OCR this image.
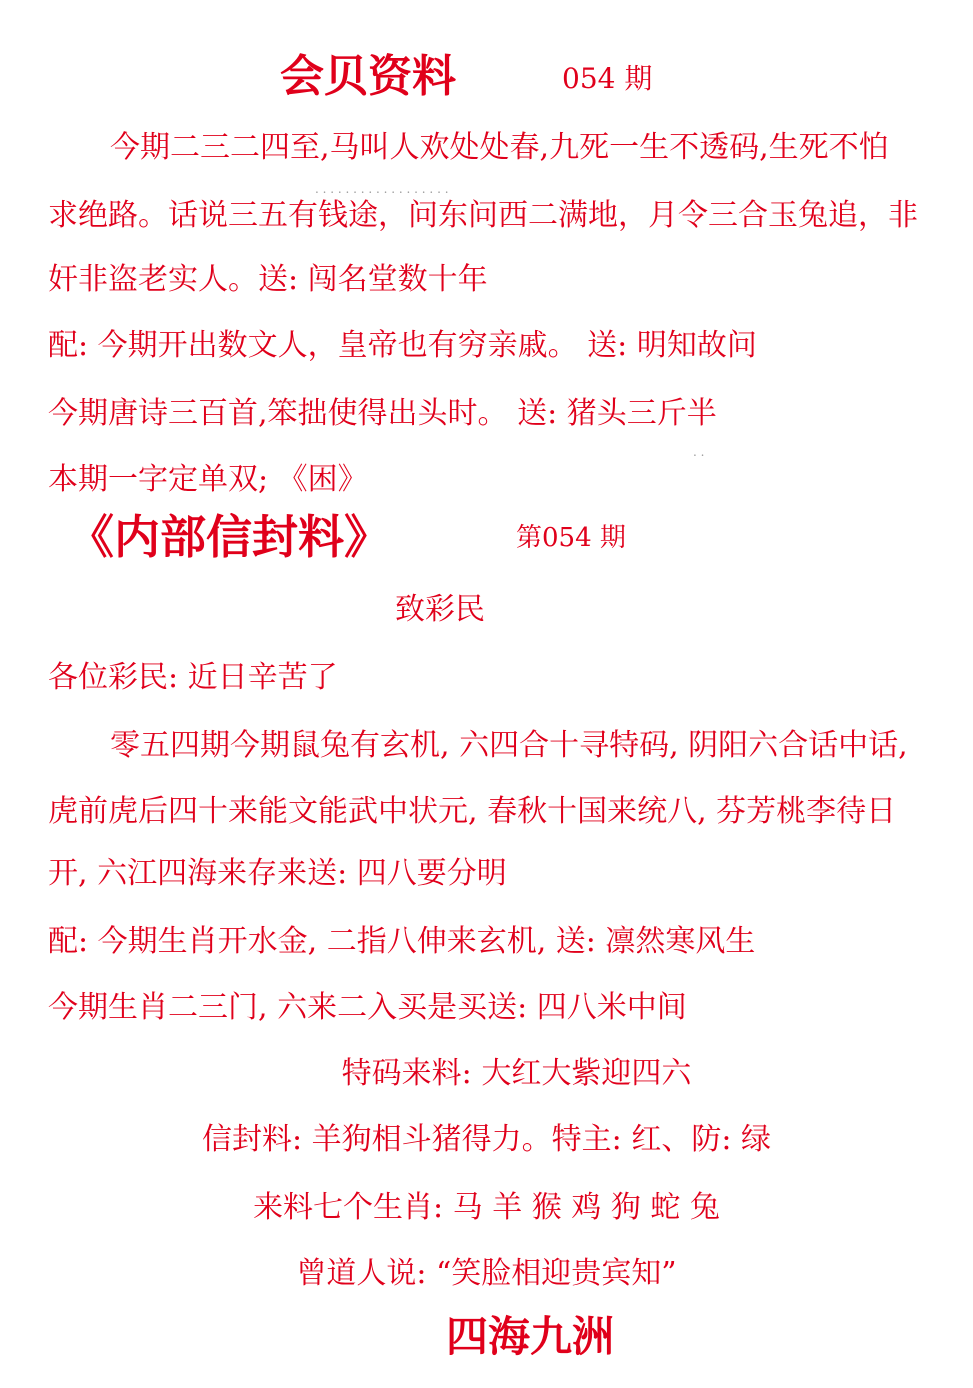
会贝资料	054 期
今期二三二四至,马叫人欢处处春,九死一生不透码,生死不怕
求绝路。话说三五有钱途，问东问西二满地，月令三合玉兔追，非
奸非盗老实人。送: 闯名堂数十年
配: 今期开出数文人，皇帝也有穷亲戚。 送: 明知故问
今期唐诗三百首,笨拙使得出头时。 送: 猪头三斤半
本期一字定单双; 《困》
. . . . . . . . . . . . . . . . . .
. .
《内部信封料》	第054 期
致彩民
各位彩民: 近日辛苦了
零五四期今期鼠兔有玄机, 六四合十寻特码, 阴阳六合话中话,
虎前虎后四十来能文能武中状元, 春秋十国来统八, 芬芳桃李待日
开, 六江四海来存来送: 四八要分明
配: 今期生肖开水金, 二指八伸来玄机, 送: 凛然寒风生
今期生肖二三门, 六来二入买是买送: 四八米中间
特码来料: 大红大紫迎四六
信封料: 羊狗相斗猪得力。特主: 红、防: 绿
来料七个生肖: 马 羊 猴 鸡 狗 蛇 兔
曾道人说: “笑脸相迎贵宾知”
四海九洲
